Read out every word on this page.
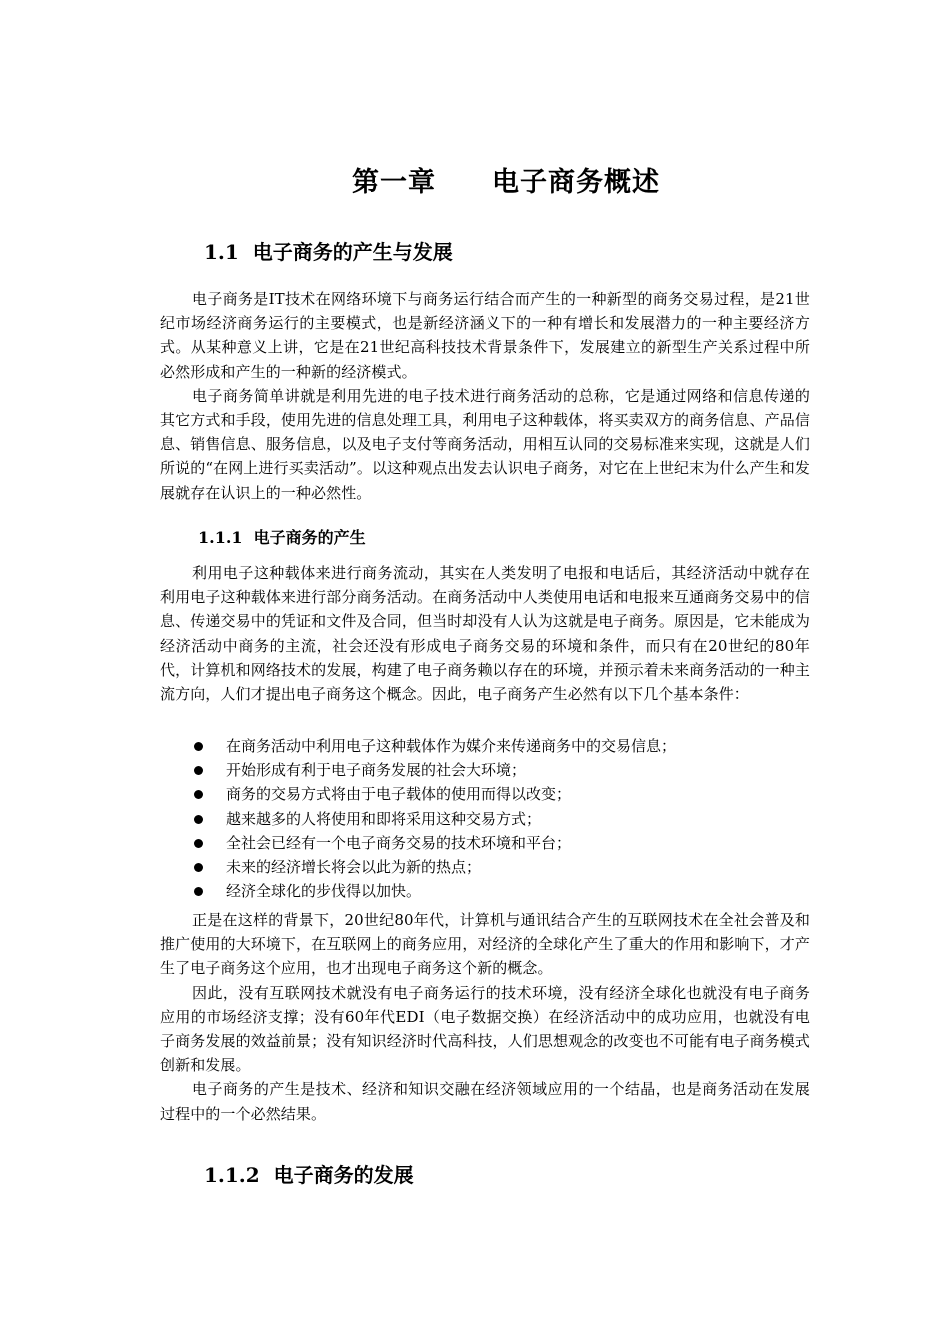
第一章　　电子商务概述
1.1  电子商务的产生与发展

电子商务是IT技术在网络环境下与商务运行结合而产生的一种新型的商务交易过程，是21世纪市场经济商务运行的主要模式，也是新经济涵义下的一种有增长和发展潜力的一种主要经济方式。从某种意义上讲，它是在21世纪高科技技术背景条件下，发展建立的新型生产关系过程中所必然形成和产生的一种新的经济模式。

电子商务简单讲就是利用先进的电子技术进行商务活动的总称，它是通过网络和信息传递的其它方式和手段，使用先进的信息处理工具，利用电子这种载体，将买卖双方的商务信息、产品信息、销售信息、服务信息，以及电子支付等商务活动，用相互认同的交易标准来实现，这就是人们所说的“在网上进行买卖活动”。以这种观点出发去认识电子商务，对它在上世纪末为什么产生和发展就存在认识上的一种必然性。

1.1.1  电子商务的产生

利用电子这种载体来进行商务流动，其实在人类发明了电报和电话后，其经济活动中就存在利用电子这种载体来进行部分商务活动。在商务活动中人类使用电话和电报来互通商务交易中的信息、传递交易中的凭证和文件及合同，但当时却没有人认为这就是电子商务。原因是，它未能成为经济活动中商务的主流，社会还没有形成电子商务交易的环境和条件，而只有在20世纪的80年代，计算机和网络技术的发展，构建了电子商务赖以存在的环境，并预示着未来商务活动的一种主流方向，人们才提出电子商务这个概念。因此，电子商务产生必然有以下几个基本条件：

在商务活动中利用电子这种载体作为媒介来传递商务中的交易信息；
开始形成有利于电子商务发展的社会大环境；
商务的交易方式将由于电子载体的使用而得以改变；
越来越多的人将使用和即将采用这种交易方式；
全社会已经有一个电子商务交易的技术环境和平台；
未来的经济增长将会以此为新的热点；
经济全球化的步伐得以加快。

正是在这样的背景下，20世纪80年代，计算机与通讯结合产生的互联网技术在全社会普及和推广使用的大环境下，在互联网上的商务应用，对经济的全球化产生了重大的作用和影响下，才产生了电子商务这个应用，也才出现电子商务这个新的概念。

因此，没有互联网技术就没有电子商务运行的技术环境，没有经济全球化也就没有电子商务应用的市场经济支撑；没有60年代EDI（电子数据交换）在经济活动中的成功应用，也就没有电子商务发展的效益前景；没有知识经济时代高科技，人们思想观念的改变也不可能有电子商务模式创新和发展。

电子商务的产生是技术、经济和知识交融在经济领域应用的一个结晶，也是商务活动在发展过程中的一个必然结果。

1.1.2  电子商务的发展
